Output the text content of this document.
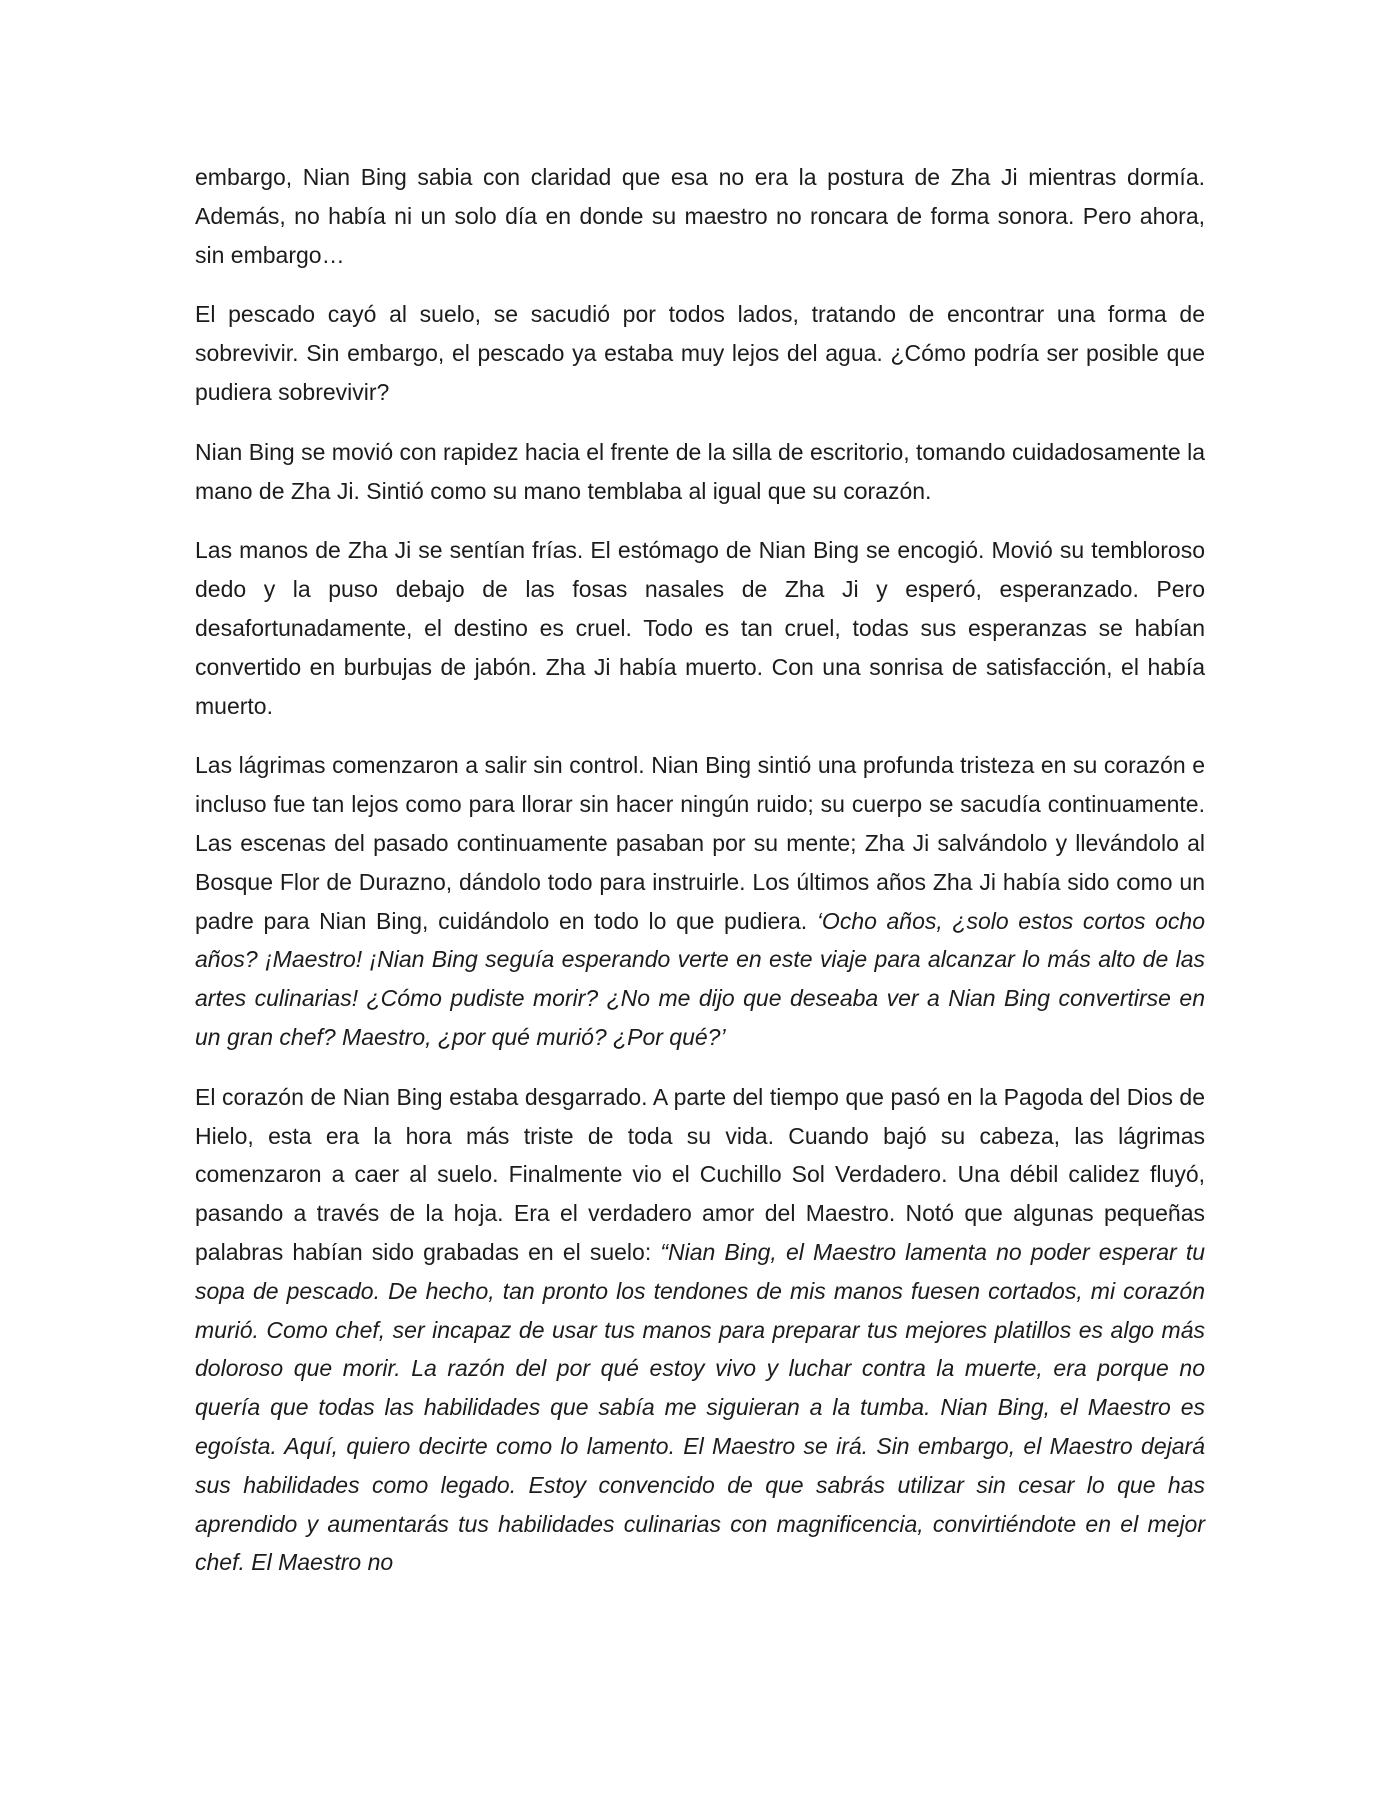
embargo, Nian Bing sabia con claridad que esa no era la postura de Zha Ji mientras dormía. Además, no había ni un solo día en donde su maestro no roncara de forma sonora. Pero ahora, sin embargo…

El pescado cayó al suelo, se sacudió por todos lados, tratando de encontrar una forma de sobrevivir. Sin embargo, el pescado ya estaba muy lejos del agua. ¿Cómo podría ser posible que pudiera sobrevivir?

Nian Bing se movió con rapidez hacia el frente de la silla de escritorio, tomando cuidadosamente la mano de Zha Ji. Sintió como su mano temblaba al igual que su corazón.

Las manos de Zha Ji se sentían frías. El estómago de Nian Bing se encogió. Movió su tembloroso dedo y la puso debajo de las fosas nasales de Zha Ji y esperó, esperanzado. Pero desafortunadamente, el destino es cruel. Todo es tan cruel, todas sus esperanzas se habían convertido en burbujas de jabón. Zha Ji había muerto. Con una sonrisa de satisfacción, el había muerto.

Las lágrimas comenzaron a salir sin control. Nian Bing sintió una profunda tristeza en su corazón e incluso fue tan lejos como para llorar sin hacer ningún ruido; su cuerpo se sacudía continuamente. Las escenas del pasado continuamente pasaban por su mente; Zha Ji salvándolo y llevándolo al Bosque Flor de Durazno, dándolo todo para instruirle. Los últimos años Zha Ji había sido como un padre para Nian Bing, cuidándolo en todo lo que pudiera. ‘Ocho años, ¿solo estos cortos ocho años? ¡Maestro! ¡Nian Bing seguía esperando verte en este viaje para alcanzar lo más alto de las artes culinarias! ¿Cómo pudiste morir? ¿No me dijo que deseaba ver a Nian Bing convertirse en un gran chef? Maestro, ¿por qué murió? ¿Por qué?’

El corazón de Nian Bing estaba desgarrado. A parte del tiempo que pasó en la Pagoda del Dios de Hielo, esta era la hora más triste de toda su vida. Cuando bajó su cabeza, las lágrimas comenzaron a caer al suelo. Finalmente vio el Cuchillo Sol Verdadero. Una débil calidez fluyó, pasando a través de la hoja. Era el verdadero amor del Maestro. Notó que algunas pequeñas palabras habían sido grabadas en el suelo: “Nian Bing, el Maestro lamenta no poder esperar tu sopa de pescado. De hecho, tan pronto los tendones de mis manos fuesen cortados, mi corazón murió. Como chef, ser incapaz de usar tus manos para preparar tus mejores platillos es algo más doloroso que morir. La razón del por qué estoy vivo y luchar contra la muerte, era porque no quería que todas las habilidades que sabía me siguieran a la tumba. Nian Bing, el Maestro es egoísta. Aquí, quiero decirte como lo lamento. El Maestro se irá. Sin embargo, el Maestro dejará sus habilidades como legado. Estoy convencido de que sabrás utilizar sin cesar lo que has aprendido y aumentarás tus habilidades culinarias con magnificencia, convirtiéndote en el mejor chef. El Maestro no
